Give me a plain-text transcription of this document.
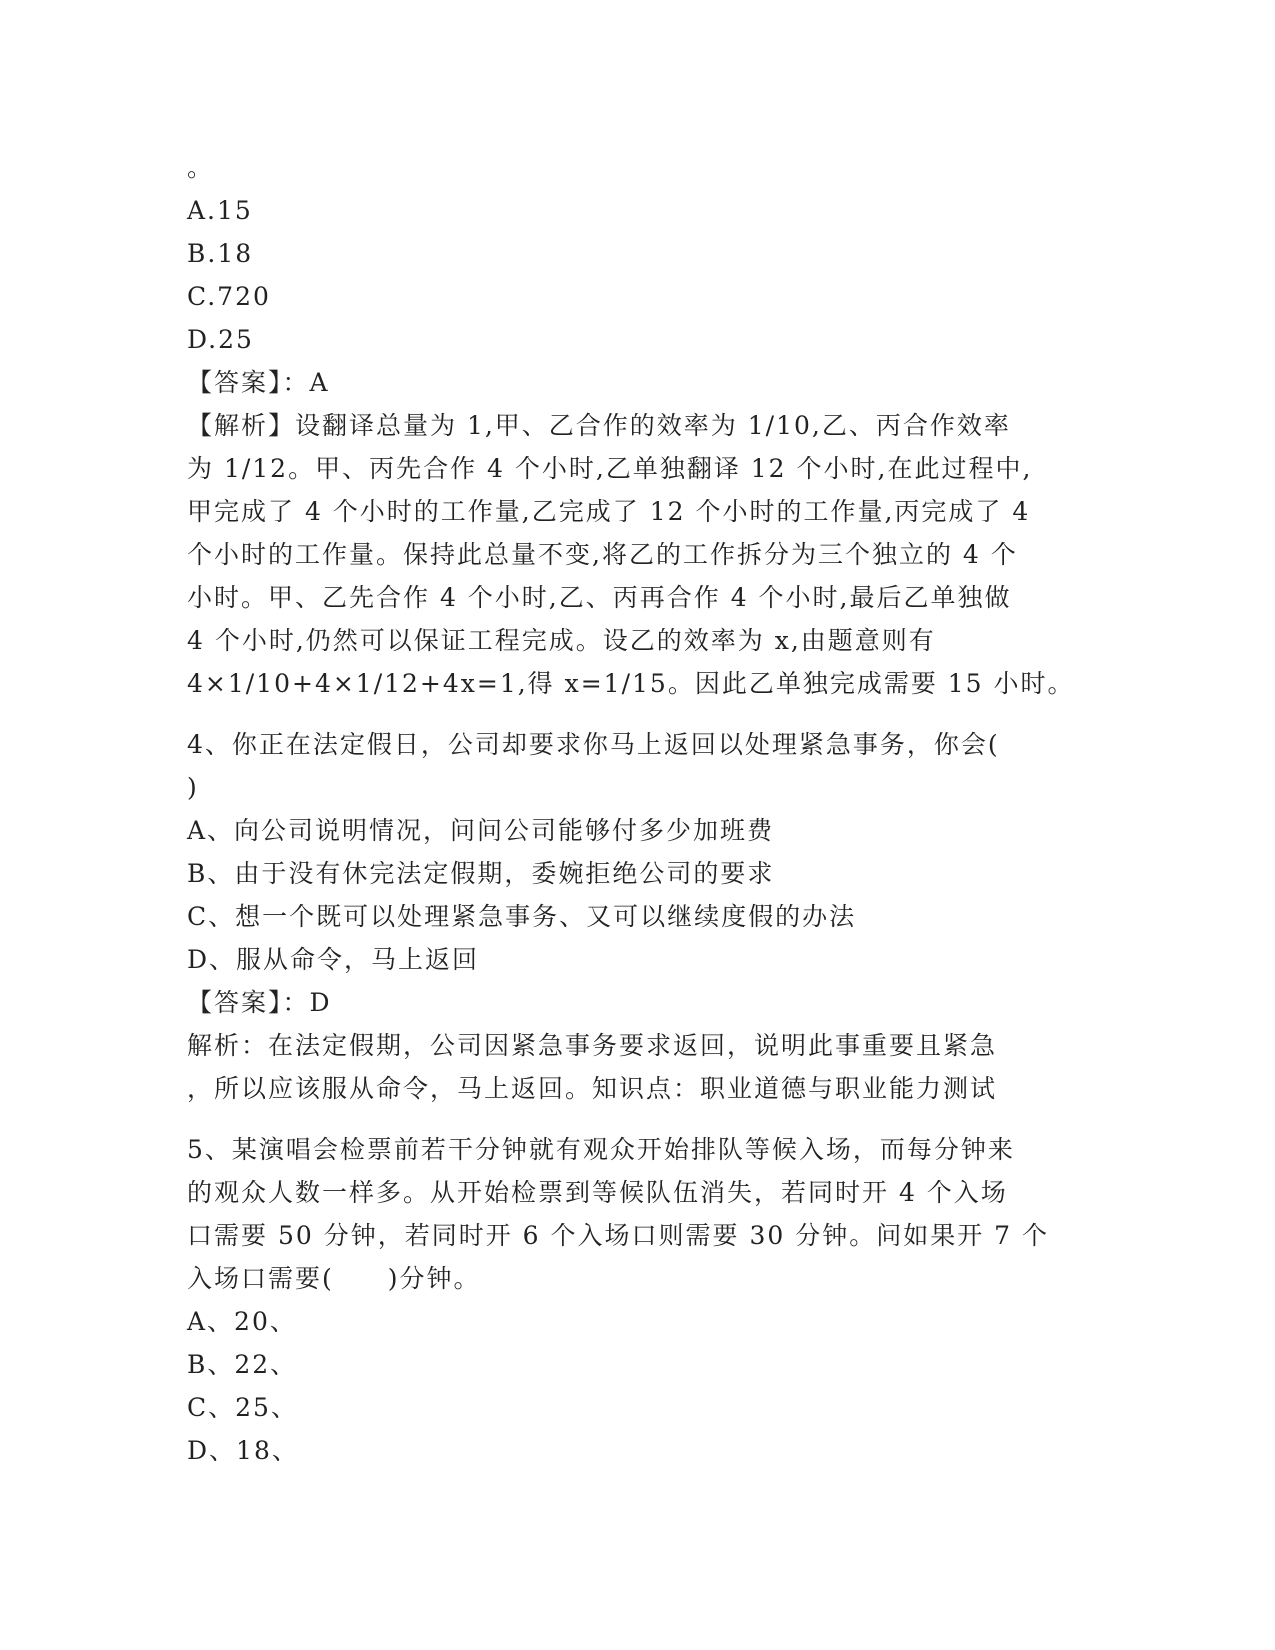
。
A.15
B.18
C.720
D.25
【答案】：A
【解析】设翻译总量为 1,甲、乙合作的效率为 1/10,乙、丙合作效率
为 1/12。甲、丙先合作 4 个小时,乙单独翻译 12 个小时,在此过程中,
甲完成了 4 个小时的工作量,乙完成了 12 个小时的工作量,丙完成了 4
个小时的工作量。保持此总量不变,将乙的工作拆分为三个独立的 4 个
小时。甲、乙先合作 4 个小时,乙、丙再合作 4 个小时,最后乙单独做
4 个小时,仍然可以保证工程完成。设乙的效率为 x,由题意则有
4×1/10+4×1/12+4x=1,得 x=1/15。因此乙单独完成需要 15 小时。
4、你正在法定假日，公司却要求你马上返回以处理紧急事务，你会(
)
A、向公司说明情况，问问公司能够付多少加班费
B、由于没有休完法定假期，委婉拒绝公司的要求
C、想一个既可以处理紧急事务、又可以继续度假的办法
D、服从命令，马上返回
【答案】：D
解析：在法定假期，公司因紧急事务要求返回，说明此事重要且紧急
，所以应该服从命令，马上返回。知识点：职业道德与职业能力测试
5、某演唱会检票前若干分钟就有观众开始排队等候入场，而每分钟来
的观众人数一样多。从开始检票到等候队伍消失，若同时开 4 个入场
口需要 50 分钟，若同时开 6 个入场口则需要 30 分钟。问如果开 7 个
入场口需要(　　)分钟。
A、20、
B、22、
C、25、
D、18、
